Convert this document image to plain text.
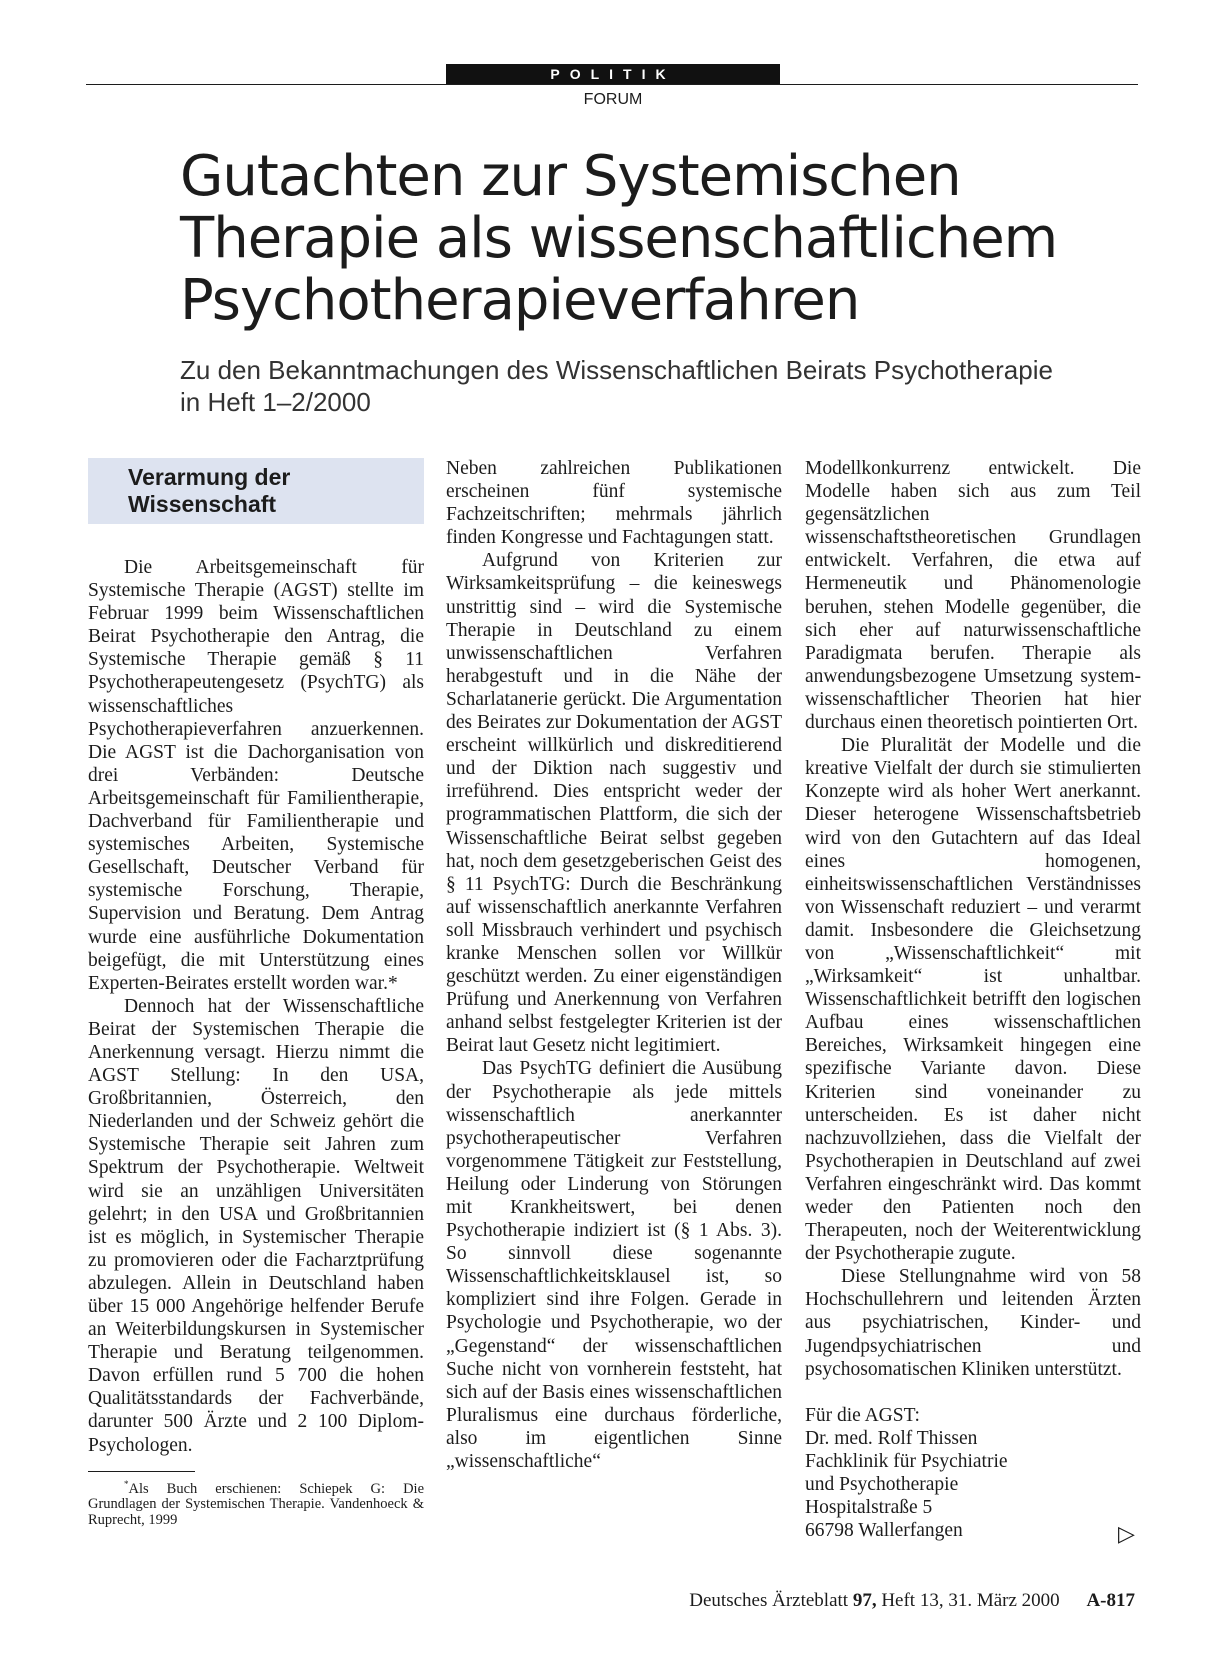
POLITIK
FORUM
Gutachten zur Systemischen
Therapie als wissenschaftlichem
Psychotherapieverfahren
Zu den Bekanntmachungen des Wissenschaftlichen Beirats Psychotherapie
in Heft 1–2/2000
Verarmung der
Wissenschaft

Die Arbeitsgemeinschaft für Systemische Therapie (AGST) stellte im Februar 1999 beim Wissenschaftlichen Beirat Psychotherapie den Antrag, die Systemische Therapie gemäß § 11 Psychotherapeutengesetz (PsychTG) als wissenschaftliches Psychotherapieverfahren anzuerkennen. Die AGST ist die Dachorganisation von drei Verbänden: Deutsche Arbeitsgemeinschaft für Familientherapie, Dachverband für Familientherapie und systemisches Arbeiten, Systemische Gesellschaft, Deutscher Verband für systemische Forschung, Therapie, Supervision und Beratung. Dem Antrag wurde eine ausführliche Dokumentation beigefügt, die mit Unterstützung eines Experten-Beirates erstellt worden war.*

Dennoch hat der Wissenschaftliche Beirat der Systemischen Therapie die Anerkennung versagt. Hierzu nimmt die AGST Stellung: In den USA, Großbritannien, Österreich, den Niederlanden und der Schweiz gehört die Systemische Therapie seit Jahren zum Spektrum der Psychotherapie. Weltweit wird sie an unzähligen Universitäten gelehrt; in den USA und Großbritannien ist es möglich, in Systemischer Therapie zu promovieren oder die Facharztprüfung abzulegen. Allein in Deutschland haben über 15 000 Angehörige helfender Berufe an Weiterbildungskursen in Systemischer Therapie und Beratung teilgenommen. Davon erfüllen rund 5 700 die hohen Qualitätsstandards der Fachverbände, darunter 500 Ärzte und 2 100 Diplom-Psychologen.

*Als Buch erschienen: Schiepek G: Die Grundlagen der Systemischen Therapie. Vandenhoeck & Ruprecht, 1999

Neben zahlreichen Publikationen erscheinen fünf systemische Fachzeitschriften; mehrmals jährlich finden Kongresse und Fachtagungen statt.

Aufgrund von Kriterien zur Wirksamkeitsprüfung – die keineswegs unstrittig sind – wird die Systemische Therapie in Deutschland zu einem unwissenschaftlichen Verfahren herabgestuft und in die Nähe der Scharlatanerie gerückt. Die Argumentation des Beirates zur Dokumentation der AGST erscheint willkürlich und diskreditierend und der Diktion nach suggestiv und irreführend. Dies entspricht weder der programmatischen Plattform, die sich der Wissenschaftliche Beirat selbst gegeben hat, noch dem gesetzgeberischen Geist des § 11 PsychTG: Durch die Beschränkung auf wissenschaftlich anerkannte Verfahren soll Missbrauch verhindert und psychisch kranke Menschen sollen vor Willkür geschützt werden. Zu einer eigenständigen Prüfung und Anerkennung von Verfahren anhand selbst festgelegter Kriterien ist der Beirat laut Gesetz nicht legitimiert.

Das PsychTG definiert die Ausübung der Psychotherapie als jede mittels wissenschaftlich anerkannter psychotherapeutischer Verfahren vorgenommene Tätigkeit zur Feststellung, Heilung oder Linderung von Störungen mit Krankheitswert, bei denen Psychotherapie indiziert ist (§ 1 Abs. 3). So sinnvoll diese sogenannte Wissenschaftlichkeitsklausel ist, so kompliziert sind ihre Folgen. Gerade in Psychologie und Psychotherapie, wo der „Gegenstand“ der wissenschaftlichen Suche nicht von vornherein feststeht, hat sich auf der Basis eines wissenschaftlichen Pluralismus eine durchaus förderliche, also im eigentlichen Sinne „wissenschaftliche“

Modellkonkurrenz entwickelt. Die Modelle haben sich aus zum Teil gegensätzlichen wissenschaftstheoretischen Grundlagen entwickelt. Verfahren, die etwa auf Hermeneutik und Phänomenologie beruhen, stehen Modelle gegenüber, die sich eher auf naturwissenschaftliche Paradigmata berufen. Therapie als anwendungsbezogene Umsetzung system-wissenschaftlicher Theorien hat hier durchaus einen theoretisch pointierten Ort.

Die Pluralität der Modelle und die kreative Vielfalt der durch sie stimulierten Konzepte wird als hoher Wert anerkannt. Dieser heterogene Wissenschaftsbetrieb wird von den Gutachtern auf das Ideal eines homogenen, einheitswissenschaftlichen Verständnisses von Wissenschaft reduziert – und verarmt damit. Insbesondere die Gleichsetzung von „Wissenschaftlichkeit“ mit „Wirksamkeit“ ist unhaltbar. Wissenschaftlichkeit betrifft den logischen Aufbau eines wissenschaftlichen Bereiches, Wirksamkeit hingegen eine spezifische Variante davon. Diese Kriterien sind voneinander zu unterscheiden. Es ist daher nicht nachzuvollziehen, dass die Vielfalt der Psychotherapien in Deutschland auf zwei Verfahren eingeschränkt wird. Das kommt weder den Patienten noch den Therapeuten, noch der Weiterentwicklung der Psychotherapie zugute.

Diese Stellungnahme wird von 58 Hochschullehrern und leitenden Ärzten aus psychiatrischen, Kinder- und Jugendpsychiatrischen und psychosomatischen Kliniken unterstützt.

Für die AGST:
Dr. med. Rolf Thissen
Fachklinik für Psychiatrie
und Psychotherapie
Hospitalstraße 5
66798 Wallerfangen	▷
Deutsches Ärzteblatt 97, Heft 13, 31. März 2000 A-817
